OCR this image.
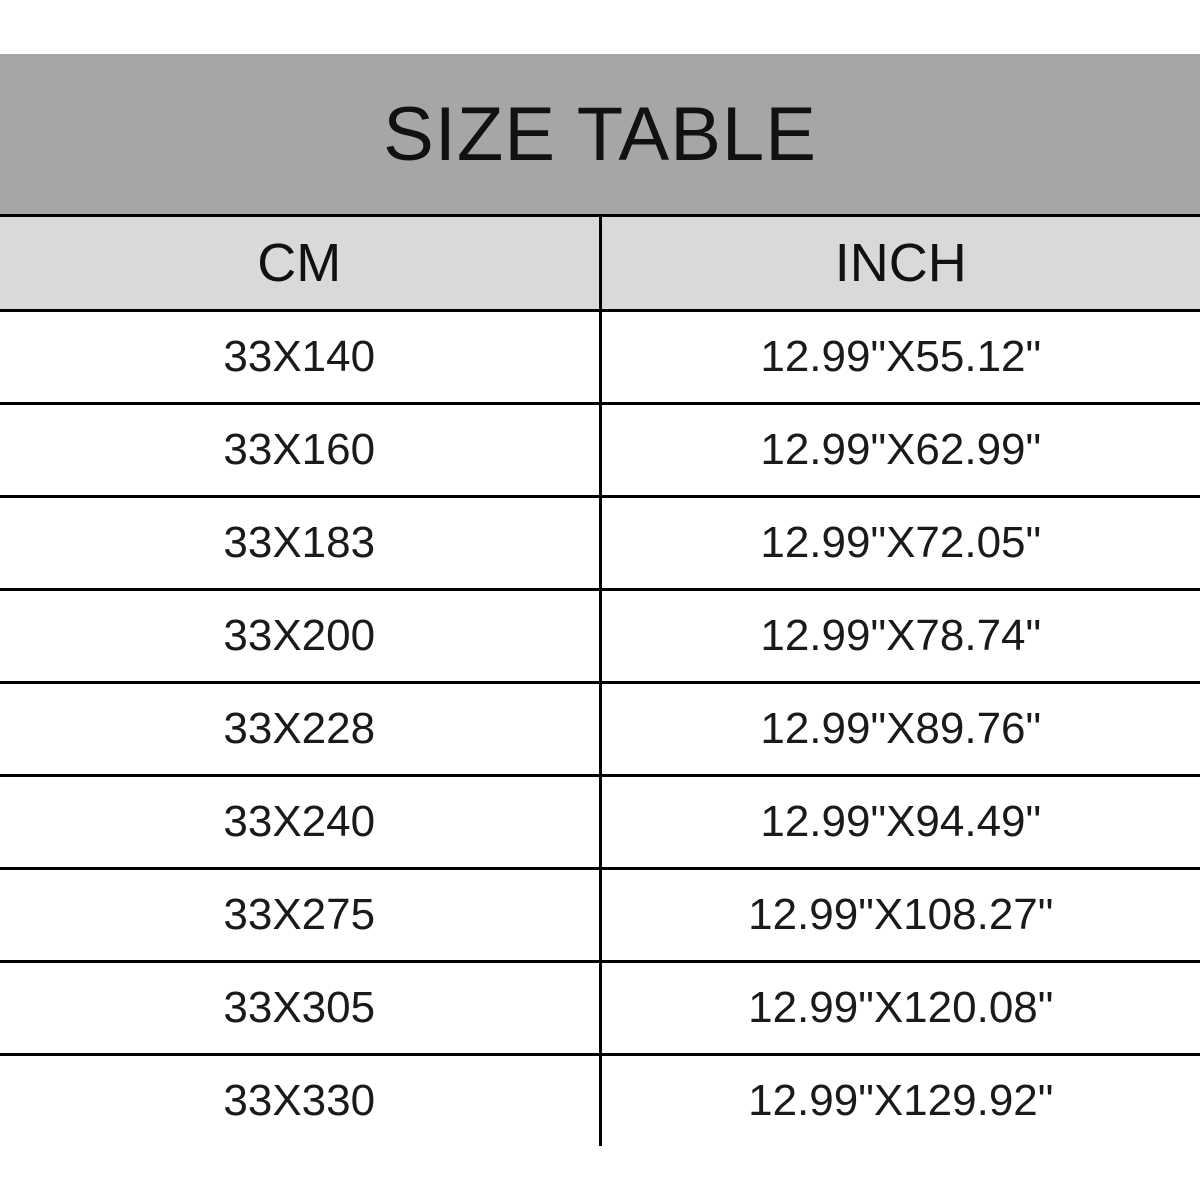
SIZE TABLE	
CM	INCH
33X140	12.99"X55.12"
33X160	12.99"X62.99"
33X183	12.99"X72.05"
33X200	12.99"X78.74"
33X228	12.99"X89.76"
33X240	12.99"X94.49"
33X275	12.99"X108.27"
33X305	12.99"X120.08"
33X330	12.99"X129.92"
